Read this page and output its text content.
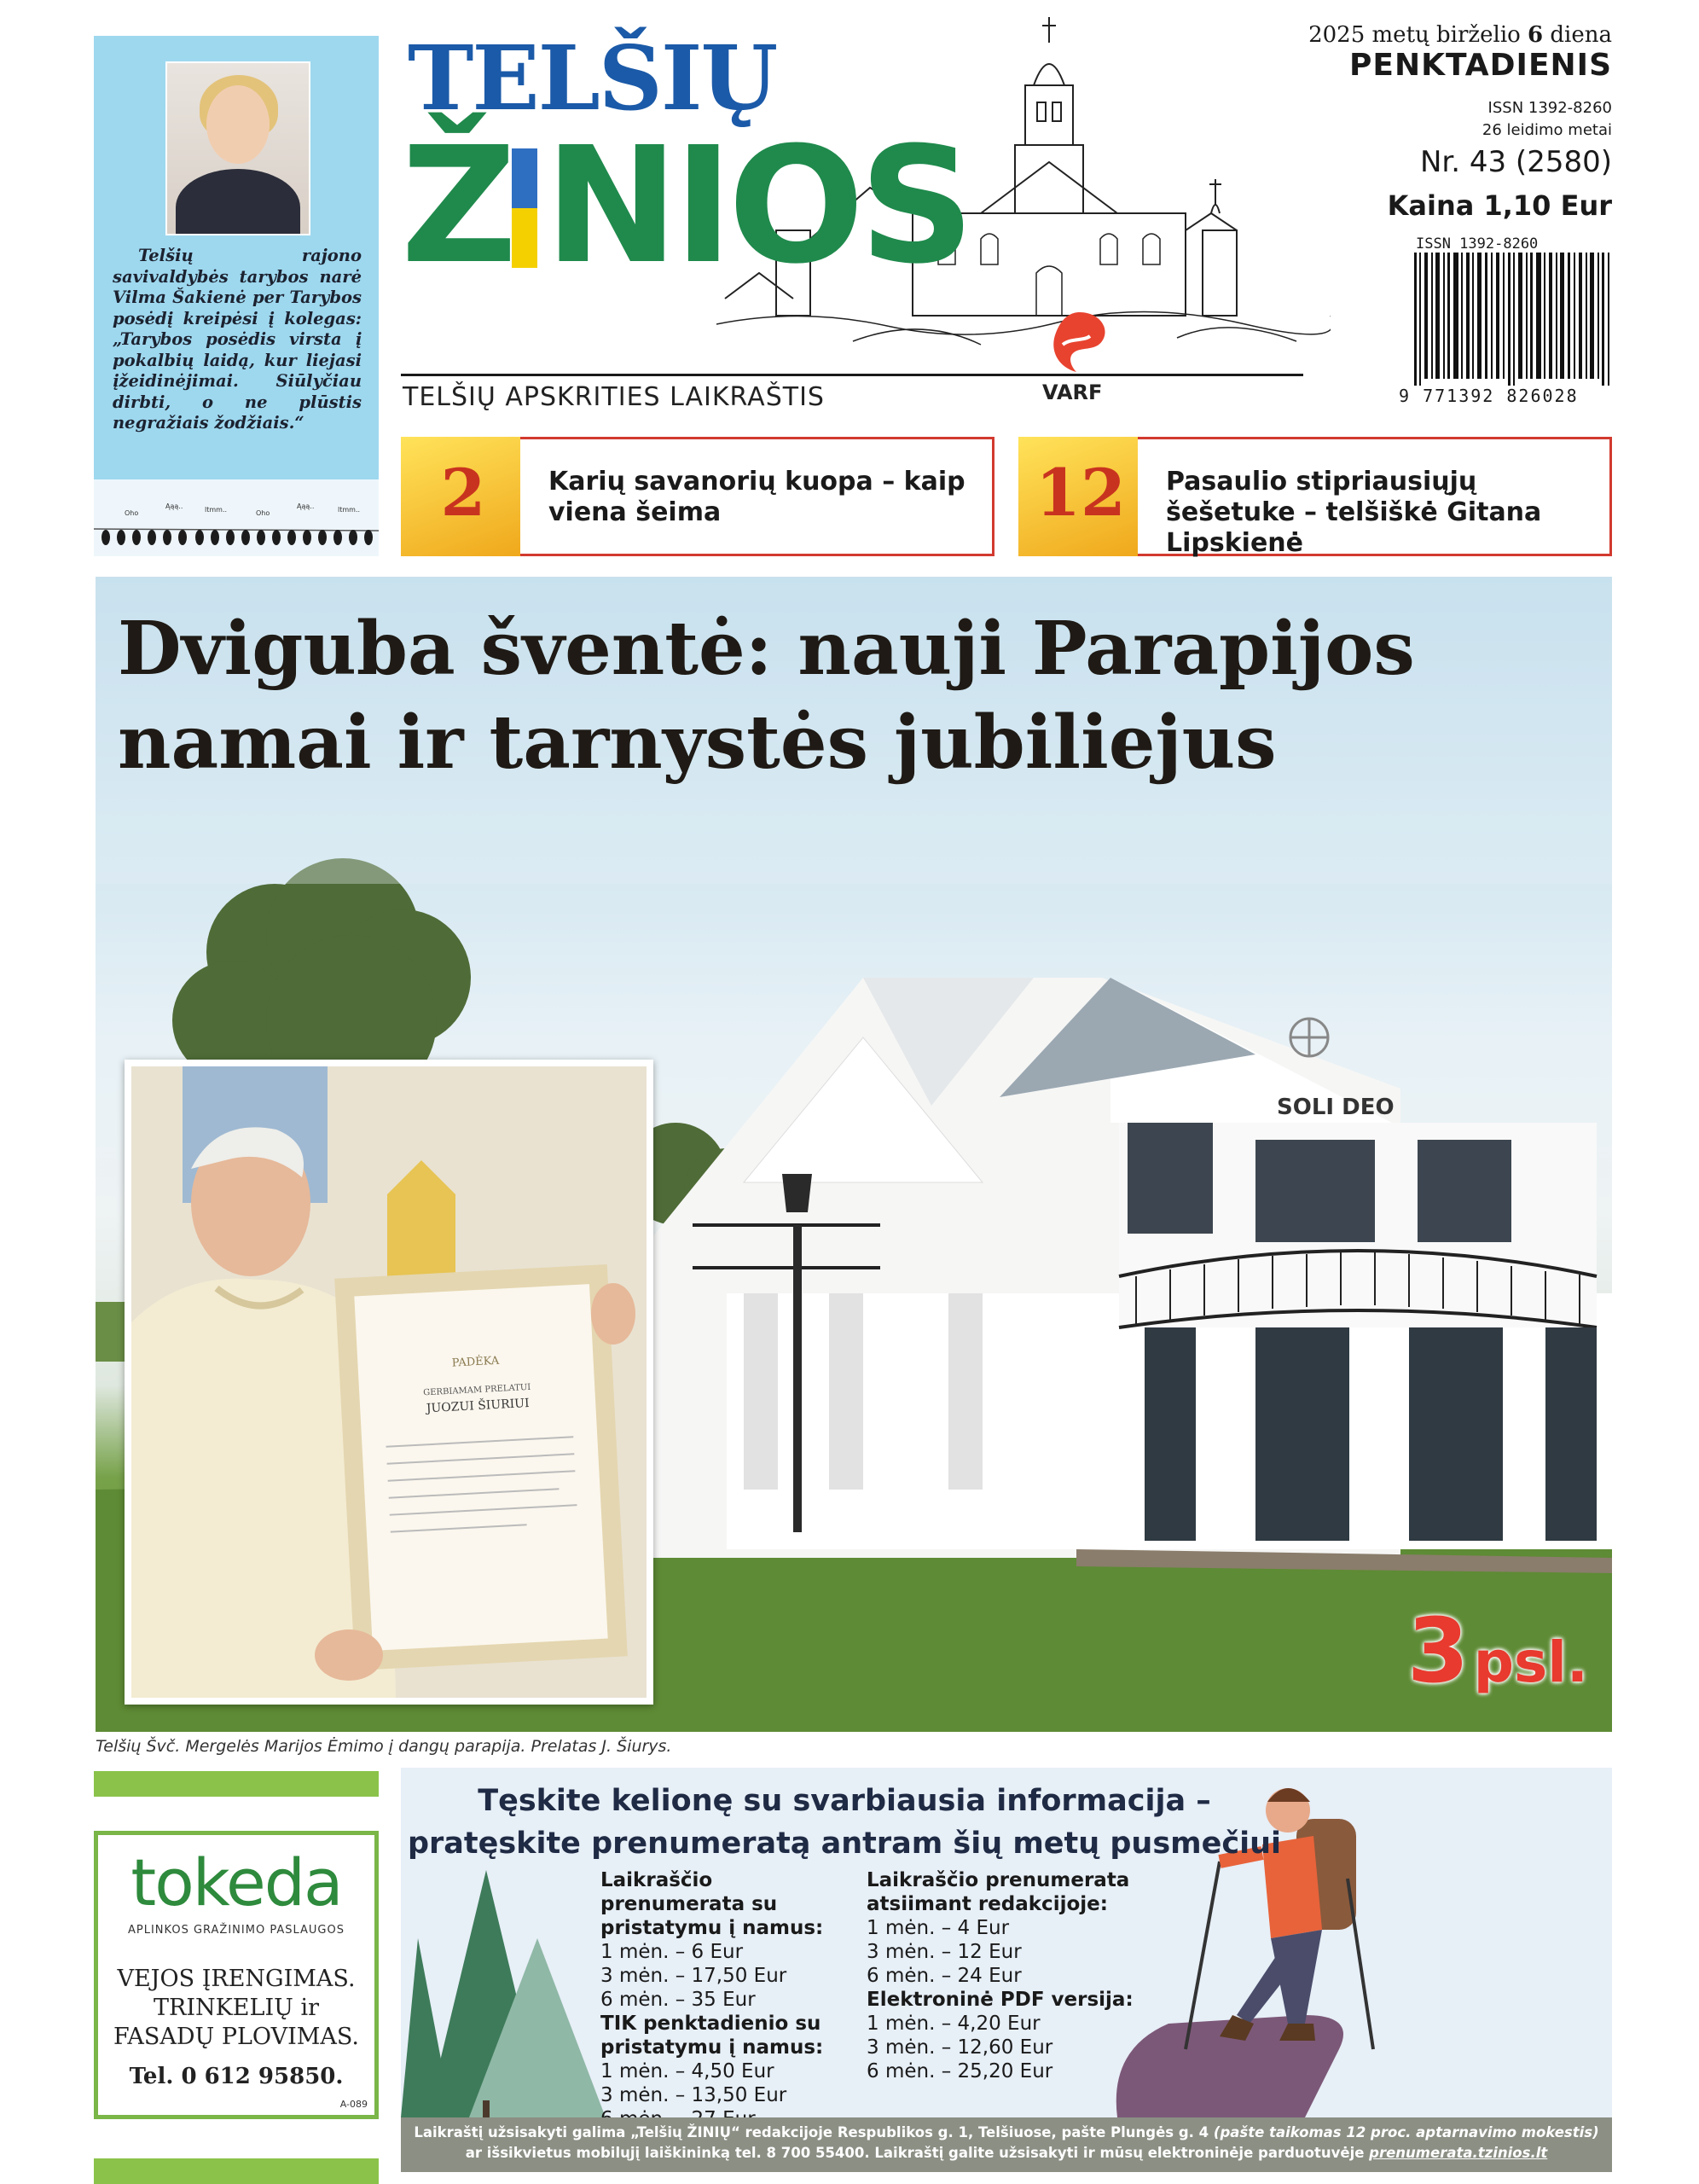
Telšių rajono savivaldybės tarybos narė Vilma Šakienė per Tarybos posėdį kreipėsi į kolegas: „Tarybos posėdis virsta į pokalbių laidą, kur liejasi įžeidinėjimai. Siūlyčiau dirbti, o ne plūstis negražiais žodžiais.“
Oho
Ąąą..	ltmm..	Oho
Ąąą..	ltmm..
TELŠIŲ
Ž NIOS
TELŠIŲ APSKRITIES LAIKRAŠTIS	VARF
2025 metų birželio 6 diena
PENKTADIENIS
ISSN 1392-8260
26 leidimo metai
Nr. 43 (2580)
Kaina 1,10 Eur
ISSN 1392-8260
9 771392 826028
2	Karių savanorių kuopa – kaip viena šeima	12	Pasaulio stipriausiųjų šešetuke – telšiškė Gitana Lipskienė
SOLI DEO
Dviguba šventė: nauji Parapijos namai ir tarnystės jubiliejus
PADĖKA
GERBIAMAM PRELATUI
JUOZUI ŠIURIUI
3 psl.
Telšių Švč. Mergelės Marijos Ėmimo į dangų parapija. Prelatas J. Šiurys.
tokeda
APLINKOS GRAŽINIMO PASLAUGOS
VEJOS ĮRENGIMAS. TRINKELIŲ ir FASADŲ PLOVIMAS.
Tel. 0 612 95850.
A-089
Tęskite kelionę su svarbiausia informacija –
pratęskite prenumeratą antram šių metų pusmečiui
Laikraščio prenumerata su pristatymu į namus:
1 mėn. – 6 Eur
3 mėn. – 17,50 Eur
6 mėn. – 35 Eur
TIK penktadienio su pristatymu į namus:
1 mėn. – 4,50 Eur
3 mėn. – 13,50 Eur
Laikraščio prenumerata atsiimant redakcijoje:
1 mėn. – 4 Eur
3 mėn. – 12 Eur
6 mėn. – 24 Eur
Elektroninė PDF versija:
1 mėn. – 4,20 Eur
3 mėn. – 12,60 Eur
6 mėn. – 25,20 Eur
Laikraštį užsisakyti galima „Telšių ŽINIŲ“ redakcijoje Respublikos g. 1, Telšiuose, pašte Plungės g. 4 (pašte taikomas 12 proc. aptarnavimo mokestis)
ar išsikvietus mobilųjį laiškininką tel. 8 700 55400. Laikraštį galite užsisakyti ir mūsų elektroninėje parduotuvėje prenumerata.tzinios.lt
